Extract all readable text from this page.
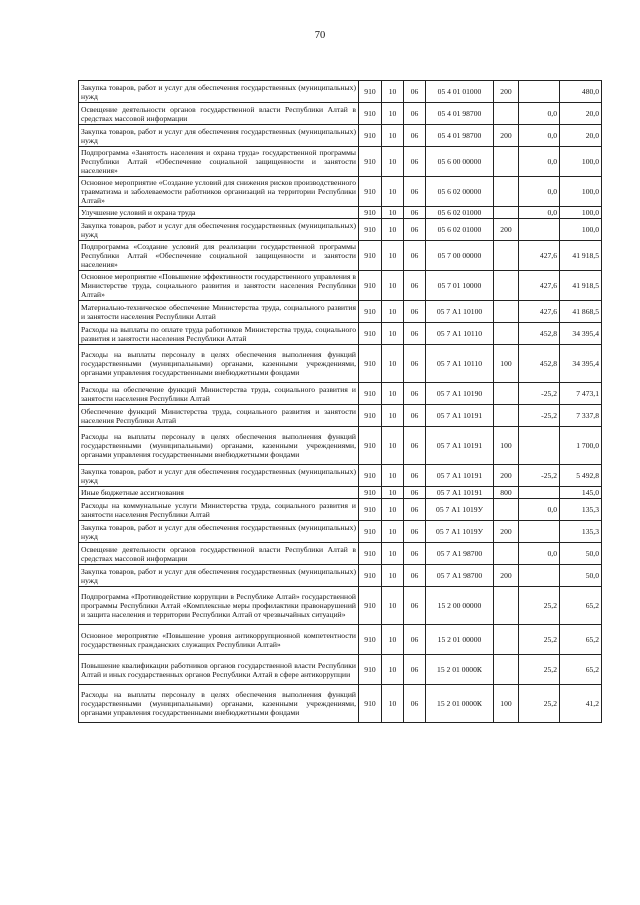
70
Закупка товаров, работ и услуг для обеспечения государственных (муниципальных) нужд	910	10	06	05 4 01 01000	200		480,0
Освещение деятельности органов государственной власти Республики Алтай в средствах массовой информации	910	10	06	05 4 01 98700		0,0	20,0
Закупка товаров, работ и услуг для обеспечения государственных (муниципальных) нужд	910	10	06	05 4 01 98700	200	0,0	20,0
Подпрограмма «Занятость населения и охрана труда» государственной программы Республики Алтай «Обеспечение социальной защищенности и занятости населения»	910	10	06	05 6 00 00000		0,0	100,0
Основное мероприятие «Создание условий для снижения рисков производственного травматизма и заболеваемости работников организаций на территории Республики Алтай»	910	10	06	05 6 02 00000		0,0	100,0
Улучшение условий и охрана труда	910	10	06	05 6 02 01000		0,0	100,0
Закупка товаров, работ и услуг для обеспечения государственных (муниципальных) нужд	910	10	06	05 6 02 01000	200		100,0
Подпрограмма «Создание условий для реализации государственной программы Республики Алтай «Обеспечение социальной защищенности и занятости населения»	910	10	06	05 7 00 00000		427,6	41 918,5
Основное мероприятие «Повышение эффективности государственного управления в Министерстве труда, социального развития и занятости населения Республики Алтай»	910	10	06	05 7 01 10000		427,6	41 918,5
Материально-техническое обеспечение Министерства труда, социального развития и занятости населения Республики Алтай	910	10	06	05 7 А1 10100		427,6	41 868,5
Расходы на выплаты по оплате труда работников Министерства труда, социального развития и занятости населения Республики Алтай	910	10	06	05 7 А1 10110		452,8	34 395,4
Расходы на выплаты персоналу в целях обеспечения выполнения функций государственными (муниципальными) органами, казенными учреждениями, органами управления государственными внебюджетными фондами	910	10	06	05 7 А1 10110	100	452,8	34 395,4
Расходы на обеспечение функций Министерства труда, социального развития и занятости населения Республики Алтай	910	10	06	05 7 А1 10190		-25,2	7 473,1
Обеспечение функций Министерства труда, социального развития и занятости населения Республики Алтай	910	10	06	05 7 А1 10191		-25,2	7 337,8
Расходы на выплаты персоналу в целях обеспечения выполнения функций государственными (муниципальными) органами, казенными учреждениями, органами управления государственными внебюджетными фондами	910	10	06	05 7 А1 10191	100		1 700,0
Закупка товаров, работ и услуг для обеспечения государственных (муниципальных) нужд	910	10	06	05 7 А1 10191	200	-25,2	5 492,8
Иные бюджетные ассигнования	910	10	06	05 7 А1 10191	800		145,0
Расходы на коммунальные услуги Министерства труда, социального развития и занятости населения Республики Алтай	910	10	06	05 7 А1 1019У		0,0	135,3
Закупка товаров, работ и услуг для обеспечения государственных (муниципальных) нужд	910	10	06	05 7 А1 1019У	200		135,3
Освещение деятельности органов государственной власти Республики Алтай в средствах массовой информации	910	10	06	05 7 А1 98700		0,0	50,0
Закупка товаров, работ и услуг для обеспечения государственных (муниципальных) нужд	910	10	06	05 7 А1 98700	200		50,0
Подпрограмма «Противодействие коррупции в Республике Алтай» государственной программы Республики Алтай «Комплексные меры профилактики правонарушений и защита населения и территории Республики Алтай от чрезвычайных ситуаций»	910	10	06	15 2 00 00000		25,2	65,2
Основное мероприятие «Повышение уровня антикоррупционной компетентности государственных гражданских служащих Республики Алтай»	910	10	06	15 2 01 00000		25,2	65,2
Повышение квалификации работников органов государственной власти Республики Алтай и иных государственных органов Республики Алтай в сфере антикоррупции	910	10	06	15 2 01 0000К		25,2	65,2
Расходы на выплаты персоналу в целях обеспечения выполнения функций государственными (муниципальными) органами, казенными учреждениями, органами управления государственными внебюджетными фондами	910	10	06	15 2 01 0000К	100	25,2	41,2
